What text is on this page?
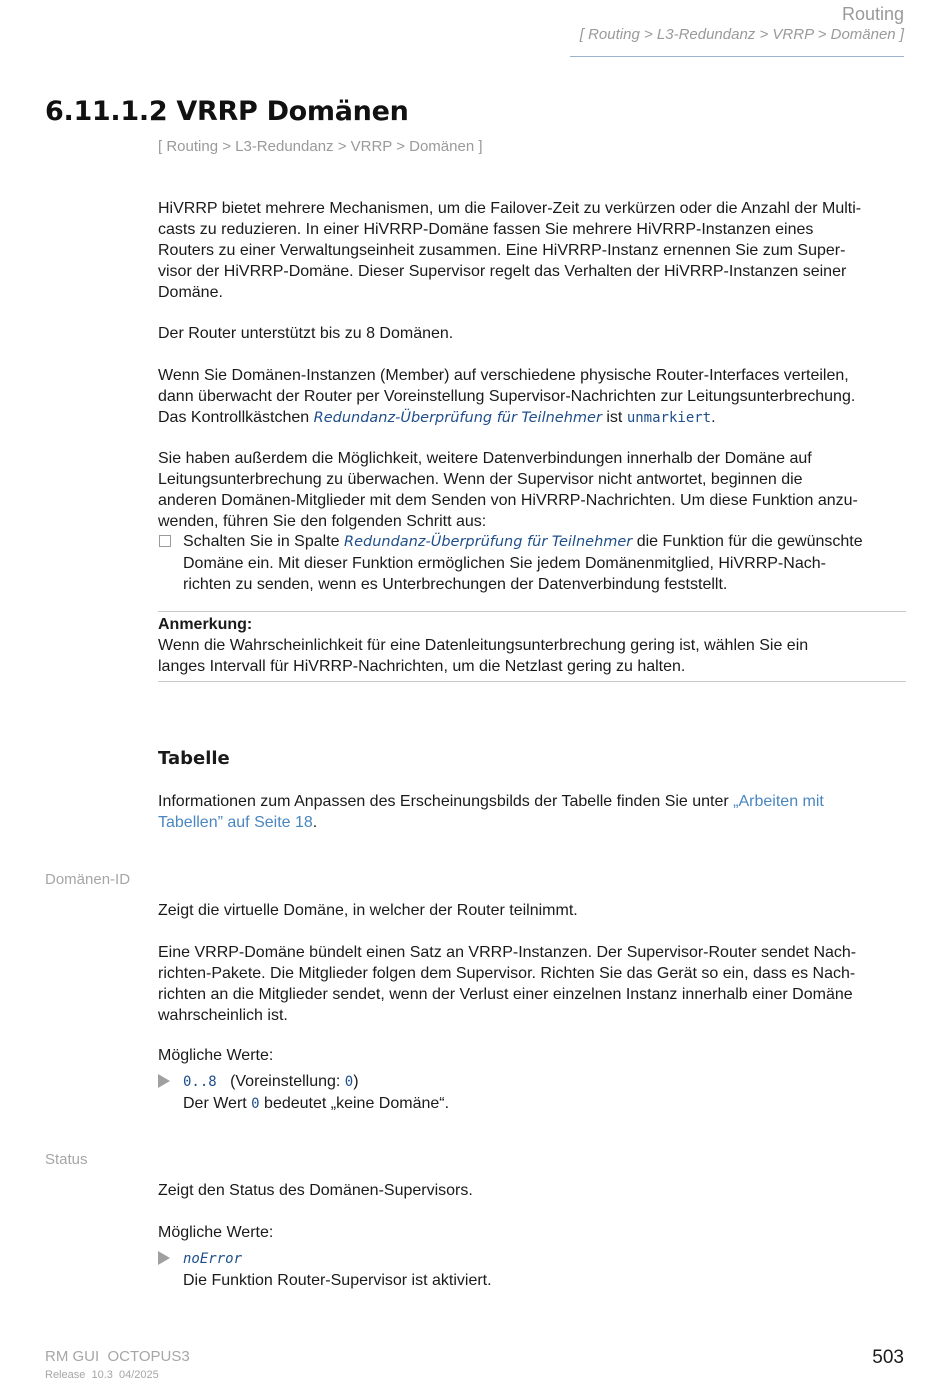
Routing
[ Routing > L3-Redundanz > VRRP > Domänen ]
6.11.1.2 VRRP Domänen
[ Routing > L3-Redundanz > VRRP > Domänen ]
HiVRRP bietet mehrere Mechanismen, um die Failover-Zeit zu verkürzen oder die Anzahl der Multi-
casts zu reduzieren. In einer HiVRRP-Domäne fassen Sie mehrere HiVRRP-Instanzen eines
Routers zu einer Verwaltungseinheit zusammen. Eine HiVRRP-Instanz ernennen Sie zum Super-
visor der HiVRRP-Domäne. Dieser Supervisor regelt das Verhalten der HiVRRP-Instanzen seiner
Domäne.
Der Router unterstützt bis zu 8 Domänen.
Wenn Sie Domänen-Instanzen (Member) auf verschiedene physische Router-Interfaces verteilen,
dann überwacht der Router per Voreinstellung Supervisor-Nachrichten zur Leitungsunterbrechung.
Das Kontrollkästchen Redundanz-Überprüfung für Teilnehmer ist unmarkiert.
Sie haben außerdem die Möglichkeit, weitere Datenverbindungen innerhalb der Domäne auf
Leitungsunterbrechung zu überwachen. Wenn der Supervisor nicht antwortet, beginnen die
anderen Domänen-Mitglieder mit dem Senden von HiVRRP-Nachrichten. Um diese Funktion anzu-
wenden, führen Sie den folgenden Schritt aus:
Schalten Sie in Spalte Redundanz-Überprüfung für Teilnehmer die Funktion für die gewünschte
Domäne ein. Mit dieser Funktion ermöglichen Sie jedem Domänenmitglied, HiVRRP-Nach-
richten zu senden, wenn es Unterbrechungen der Datenverbindung feststellt.
Anmerkung:
Wenn die Wahrscheinlichkeit für eine Datenleitungsunterbrechung gering ist, wählen Sie ein
langes Intervall für HiVRRP-Nachrichten, um die Netzlast gering zu halten.
Tabelle
Informationen zum Anpassen des Erscheinungsbilds der Tabelle finden Sie unter „Arbeiten mit
Tabellen” auf Seite 18.
Domänen-ID
Zeigt die virtuelle Domäne, in welcher der Router teilnimmt.
Eine VRRP-Domäne bündelt einen Satz an VRRP-Instanzen. Der Supervisor-Router sendet Nach-
richten-Pakete. Die Mitglieder folgen dem Supervisor. Richten Sie das Gerät so ein, dass es Nach-
richten an die Mitglieder sendet, wenn der Verlust einer einzelnen Instanz innerhalb einer Domäne
wahrscheinlich ist.
Mögliche Werte:
0..8 (Voreinstellung: 0)
Der Wert 0 bedeutet „keine Domäne“.
Status
Zeigt den Status des Domänen-Supervisors.
Mögliche Werte:
noError
Die Funktion Router-Supervisor ist aktiviert.
RM GUI  OCTOPUS3
Release  10.3  04/2025
503
